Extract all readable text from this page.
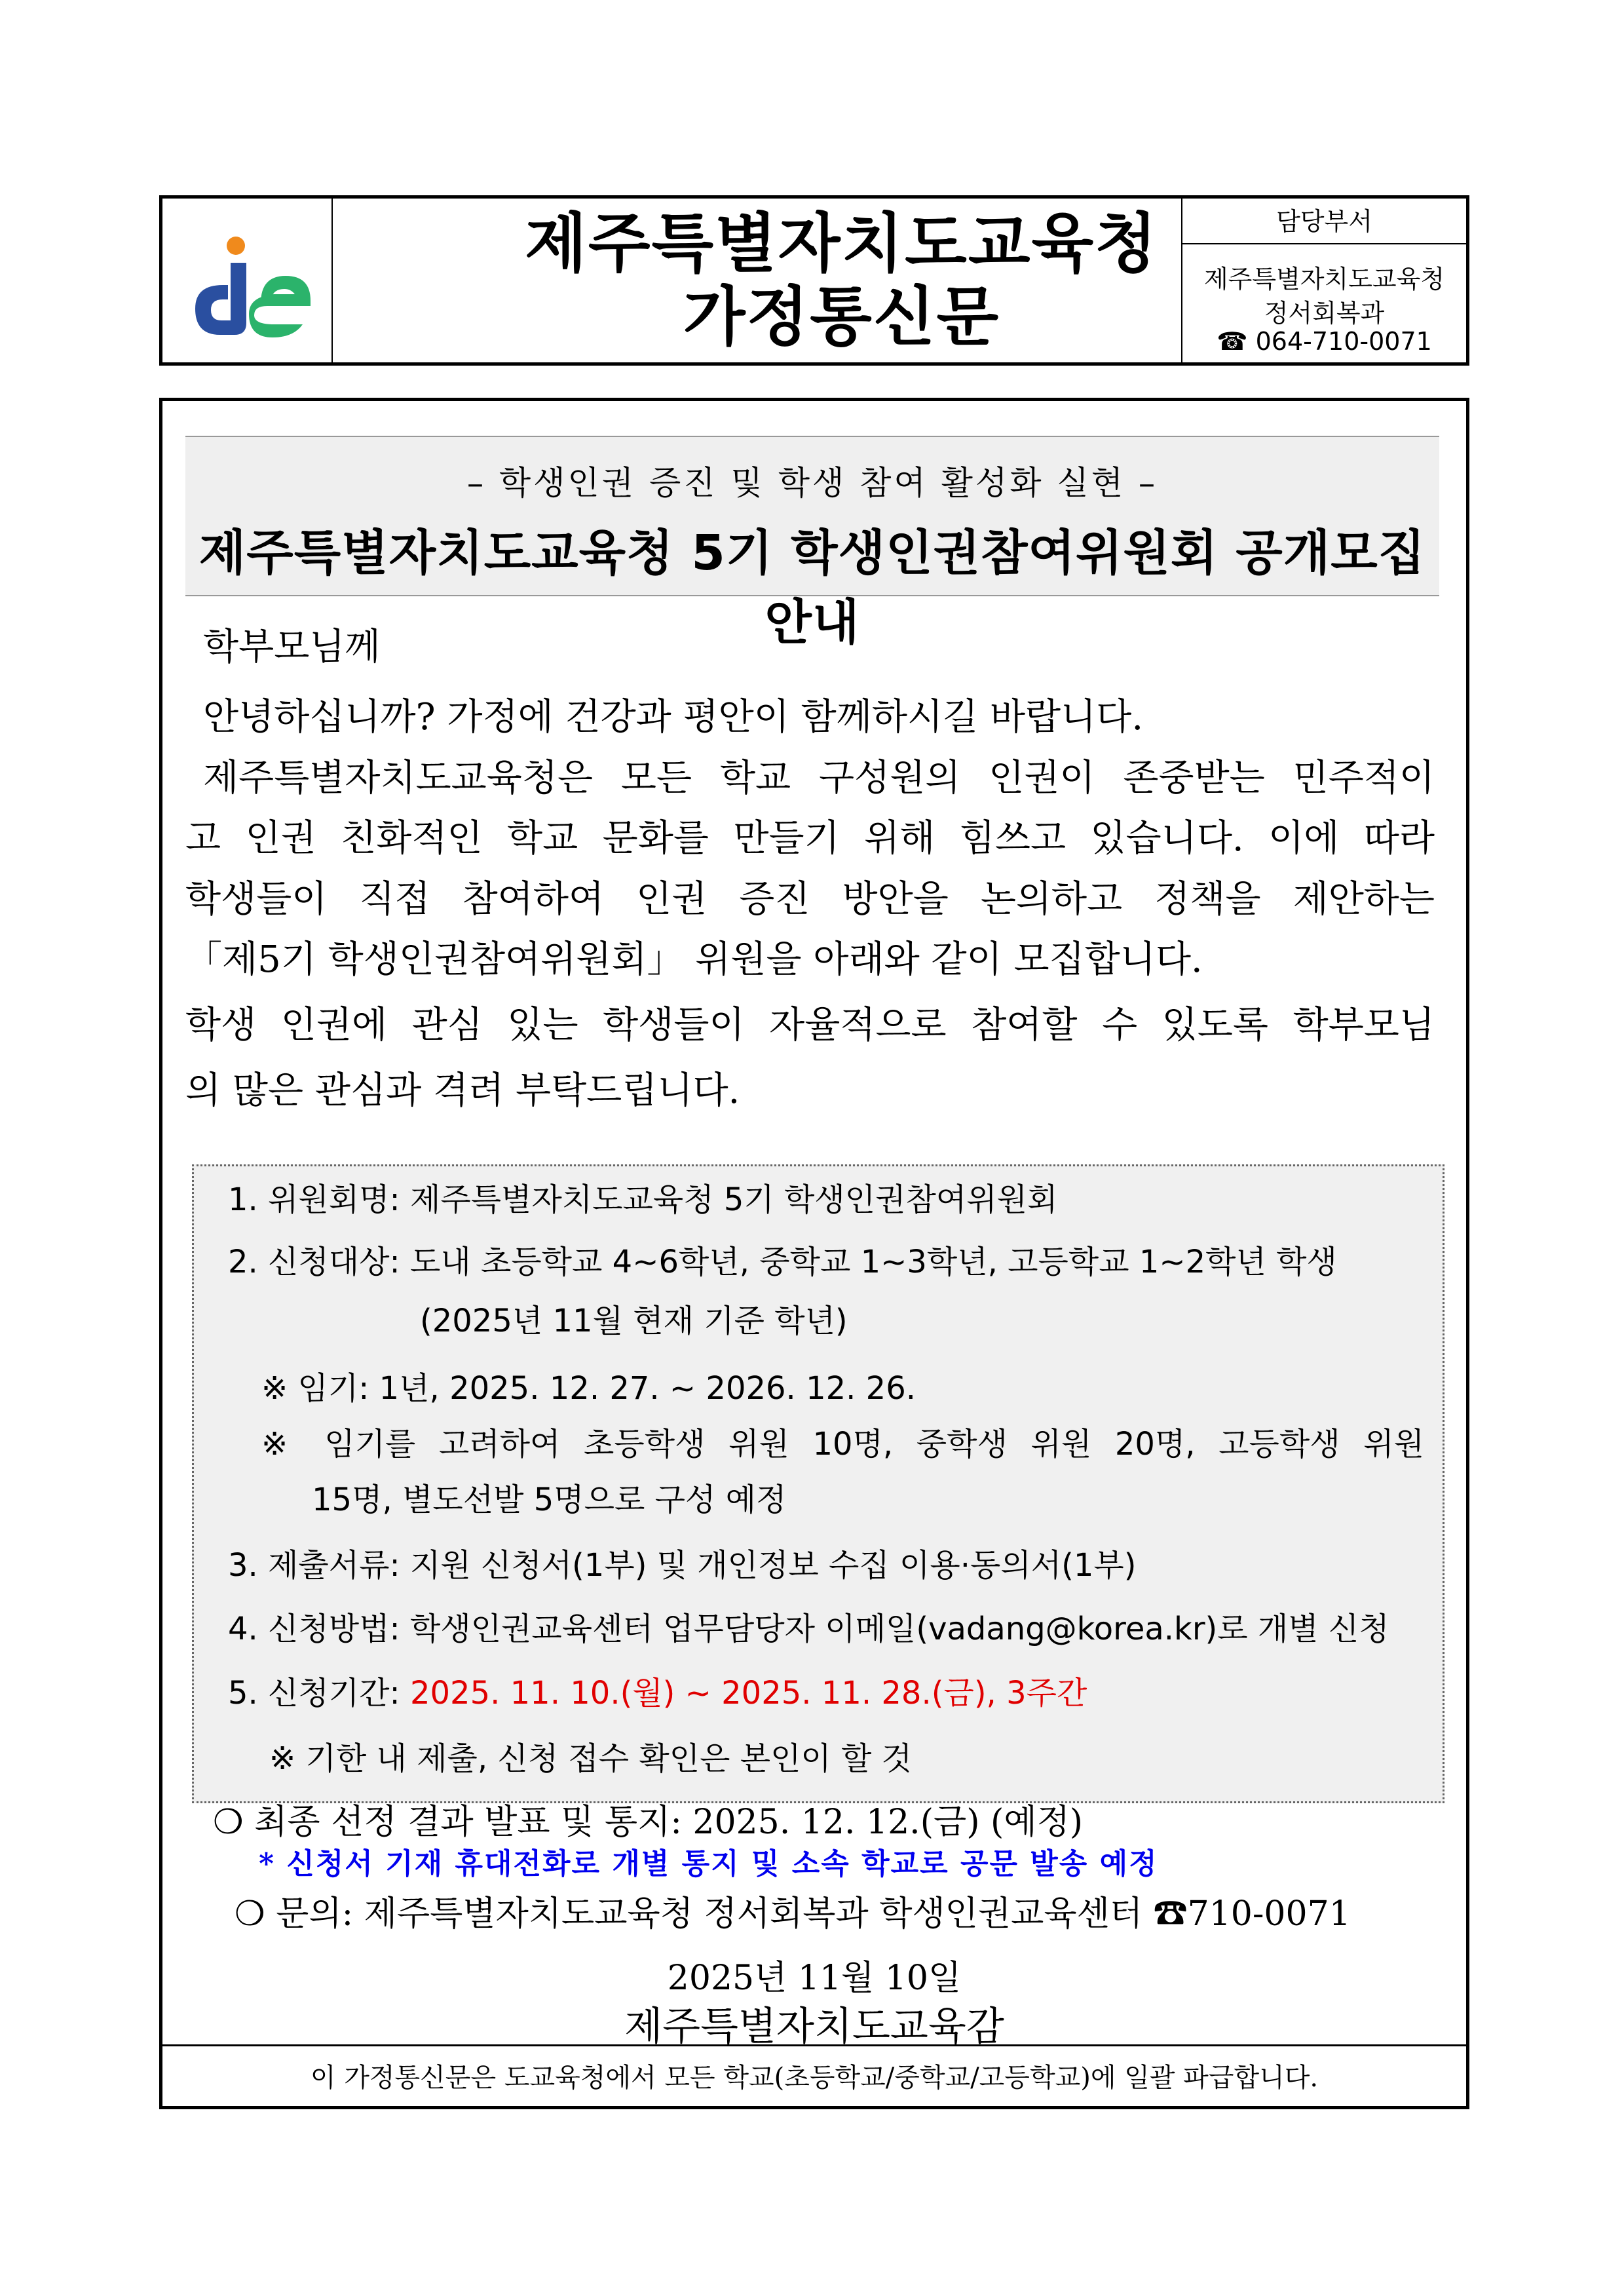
제주특별자치도교육청
가정통신문
담당부서
제주특별자치도교육청
정서회복과
☎ 064-710-0071
– 학생인권 증진 및 학생 참여 활성화 실현 –
제주특별자치도교육청 5기 학생인권참여위원회 공개모집 안내
학부모님께
안녕하십니까? 가정에 건강과 평안이 함께하시길 바랍니다.
제주특별자치도교육청은 모든 학교 구성원의 인권이 존중받는 민주적이
고 인권 친화적인 학교 문화를 만들기 위해 힘쓰고 있습니다. 이에 따라
학생들이 직접 참여하여 인권 증진 방안을 논의하고 정책을 제안하는
「제5기 학생인권참여위원회」 위원을 아래와 같이 모집합니다.
학생 인권에 관심 있는 학생들이 자율적으로 참여할 수 있도록 학부모님
의 많은 관심과 격려 부탁드립니다.
1. 위원회명: 제주특별자치도교육청 5기 학생인권참여위원회
2. 신청대상: 도내 초등학교 4~6학년, 중학교 1~3학년, 고등학교 1~2학년 학생
(2025년 11월 현재 기준 학년)
※ 임기: 1년, 2025. 12. 27. ~ 2026. 12. 26.
※ 임기를 고려하여 초등학생 위원 10명, 중학생 위원 20명, 고등학생 위원
15명, 별도선발 5명으로 구성 예정
3. 제출서류: 지원 신청서(1부) 및 개인정보 수집 이용·동의서(1부)
4. 신청방법: 학생인권교육센터 업무담당자 이메일(vadang@korea.kr)로 개별 신청
5. 신청기간: 2025. 11. 10.(월) ~ 2025. 11. 28.(금), 3주간
※ 기한 내 제출, 신청 접수 확인은 본인이 할 것
❍ 최종 선정 결과 발표 및 통지: 2025. 12. 12.(금) (예정)
* 신청서 기재 휴대전화로 개별 통지 및 소속 학교로 공문 발송 예정
❍ 문의: 제주특별자치도교육청 정서회복과 학생인권교육센터 ☎710-0071
2025년 11월 10일
제주특별자치도교육감
이 가정통신문은 도교육청에서 모든 학교(초등학교/중학교/고등학교)에 일괄 파급합니다.
